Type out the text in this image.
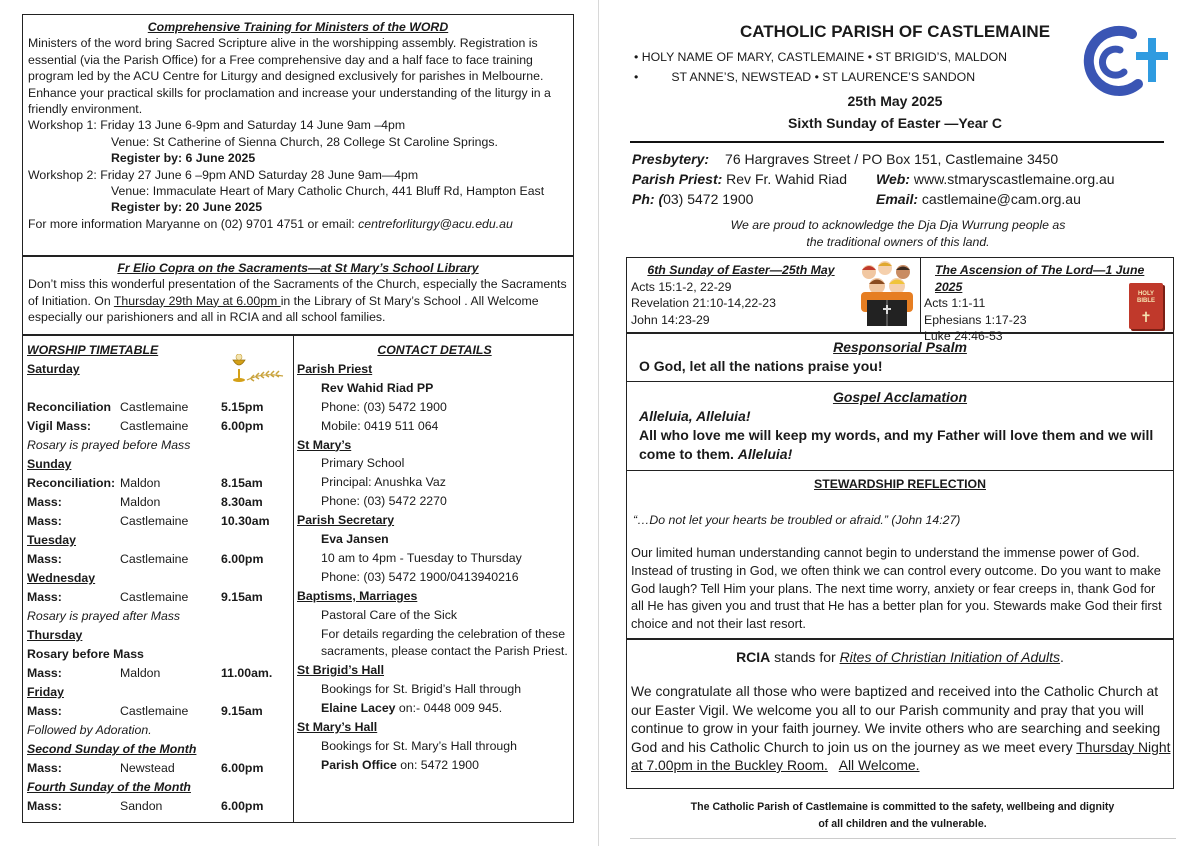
Comprehensive Training for Ministers of the WORD
Ministers of the word bring Sacred Scripture alive in the worshipping assembly. Registration is essential (via the Parish Office) for a Free comprehensive day and a half face to face training program led by the ACU Centre for Liturgy and designed exclusively for parishes in Melbourne. Enhance your practical skills for proclamation and increase your understanding of the liturgy in a friendly environment.
Workshop 1: Friday 13 June 6-9pm and Saturday 14 June 9am –4pm
Venue: St Catherine of Sienna Church, 28 College St Caroline Springs.
Register by: 6 June 2025
Workshop 2: Friday 27 June 6 –9pm AND Saturday 28 June 9am—4pm
Venue: Immaculate Heart of Mary Catholic Church, 441 Bluff Rd, Hampton East
Register by: 20 June 2025
For more information Maryanne on (02) 9701 4751 or email: centreforliturgy@acu.edu.au
Fr Elio Copra on the Sacraments—at St Mary’s School Library
Don’t miss this wonderful presentation of the Sacraments of the Church, especially the Sacraments of Initiation. On Thursday 29th May at 6.00pm in the Library of St Mary’s School . All Welcome especially our parishioners and all in RCIA and all school families.
WORSHIP TIMETABLE
Saturday
Reconciliation Castlemaine	5.15pm
Vigil Mass:	Castlemaine	6.00pm
Rosary is prayed before Mass
Sunday
Reconciliation: Maldon	8.15am
Mass:	Maldon	8.30am
Mass:	Castlemaine	10.30am
Tuesday
Mass:	Castlemaine	6.00pm
Wednesday
Mass:	Castlemaine	9.15am
Rosary is prayed after Mass
Thursday
Rosary before Mass
Mass:	Maldon	11.00am.
Friday
Mass:	Castlemaine	9.15am
Followed by Adoration.
Second Sunday of the Month
Mass:	Newstead	6.00pm
Fourth Sunday of the Month
Mass:	Sandon	6.00pm
CONTACT DETAILS
Parish Priest
Rev Wahid Riad PP
Phone: (03) 5472 1900
Mobile: 0419 511 064
St Mary’s
Primary School
Principal: Anushka Vaz
Phone: (03) 5472 2270
Parish Secretary
Eva Jansen
10 am to 4pm - Tuesday to Thursday
Phone: (03) 5472 1900/0413940216
Baptisms, Marriages
Pastoral Care of the Sick
For details regarding the celebration of these sacraments, please contact the Parish Priest.
St Brigid’s Hall
Bookings for St. Brigid’s Hall through
Elaine Lacey on:- 0448 009 945.
St Mary’s Hall
Bookings for St. Mary’s Hall through
Parish Office on: 5472 1900
CATHOLIC PARISH OF CASTLEMAINE
• HOLY NAME OF MARY, CASTLEMAINE • ST BRIGID’S, MALDON
•	ST ANNE’S, NEWSTEAD • ST LAURENCE’S SANDON
25th May 2025
Sixth Sunday of Easter —Year C
Presbytery: 76 Hargraves Street / PO Box 151, Castlemaine 3450
Parish Priest: Rev Fr. Wahid Riad	Web: www.stmaryscastlemaine.org.au
Ph: (03) 5472 1900	Email: castlemaine@cam.org.au
We are proud to acknowledge the Dja Dja Wurrung people as the traditional owners of this land.
6th Sunday of Easter—25th May
Acts 15:1-2, 22-29
Revelation 21:10-14,22-23
John 14:23-29
The Ascension of The Lord—1 June 2025
Acts 1:1-11
Ephesians 1:17-23
Luke 24:46-53
HOLY BIBLE
✝
Responsorial Psalm
O God, let all the nations praise you!
Gospel Acclamation
Alleluia, Alleluia!
All who love me will keep my words, and my Father will love them and we will come to them. Alleluia!
STEWARDSHIP REFLECTION
“…Do not let your hearts be troubled or afraid.” (John 14:27)
Our limited human understanding cannot begin to understand the immense power of God. Instead of trusting in God, we often think we can control every outcome. Do you want to make God laugh? Tell Him your plans. The next time worry, anxiety or fear creeps in, thank God for all He has given you and trust that He has a better plan for you. Stewards make God their first choice and not their last resort.
RCIA stands for Rites of Christian Initiation of Adults.
We congratulate all those who were baptized and received into the Catholic Church at our Easter Vigil. We welcome you all to our Parish community and pray that you will continue to grow in your faith journey. We invite others who are searching and seeking God and his Catholic Church to join us on the journey as we meet every Thursday Night at 7.00pm in the Buckley Room. All Welcome.
The Catholic Parish of Castlemaine is committed to the safety, wellbeing and dignity of all children and the vulnerable.
